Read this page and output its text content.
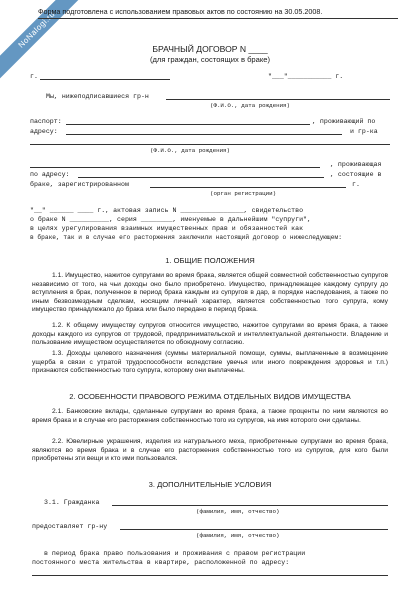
NoNalogi.ru
Форма подготовлена с использованием правовых актов по состоянию на 30.05.2008.
БРАЧНЫЙ ДОГОВОР N ____
(для граждан, состоящих в браке)
г.	"___"___________ г.
Мы, нижеподписавшиеся гр-н
(Ф.И.О., дата рождения)
паспорт:	, проживающий по
адресу:	и гр-ка
(Ф.И.О., дата рождения)
, проживающая
по адресу:	, состоящие в
браке, зарегистрированном	г.
(орган регистрации)
"__" ______ ____ г., актовая запись N ________________, свидетельство
о браке N __________, серия ________, именуемые в дальнейшим "супруги",
в целях урегулирования взаимных имущественных прав и обязанностей как
в браке, так и в случае его расторжения заключили настоящий договор о нижеследующем:
1. ОБЩИЕ ПОЛОЖЕНИЯ
1.1. Имущество, нажитое супругами во время брака, является общей совместной собственностью супругов независимо от того, на чьи доходы оно было приобретено. Имущество, принадлежащее каждому супругу до вступления в брак, полученное в период брака каждым из супругов в дар, в порядке наследования, а также по иным безвозмездным сделкам, носящим личный характер, является собственностью того супруга, кому имущество принадлежало до брака или было передано в период брака.
1.2. К общему имуществу супругов относится имущество, нажитое супругами во время брака, а также доходы каждого из супругов от трудовой, предпринимательской и интеллектуальной деятельности. Владение и пользование имуществом осуществляется по обоюдному согласию.
1.3. Доходы целевого назначения (суммы материальной помощи, суммы, выплаченные в возмещение ущерба в связи с утратой трудоспособности вследствие увечья или иного повреждения здоровья и т.п.) признаются собственностью того супруга, которому они выплачены.
2. ОСОБЕННОСТИ ПРАВОВОГО РЕЖИМА ОТДЕЛЬНЫХ ВИДОВ ИМУЩЕСТВА
2.1. Банковские вклады, сделанные супругами во время брака, а также проценты по ним являются во время брака и в случае его расторжения собственностью того из супругов, на имя которого они сделаны.
2.2. Ювелирные украшения, изделия из натурального меха, приобретенные супругами во время брака, являются во время брака и в случае его расторжения собственностью того из супругов, для кого были приобретены эти вещи и кто ими пользовался.
3. ДОПОЛНИТЕЛЬНЫЕ УСЛОВИЯ
3.1. Гражданка
(фамилия, имя, отчество)
предоставляет гр-ну
(фамилия, имя, отчество)
в период брака право пользования и проживания с правом регистрации
постоянного места жительства в квартире, расположенной по адресу:
